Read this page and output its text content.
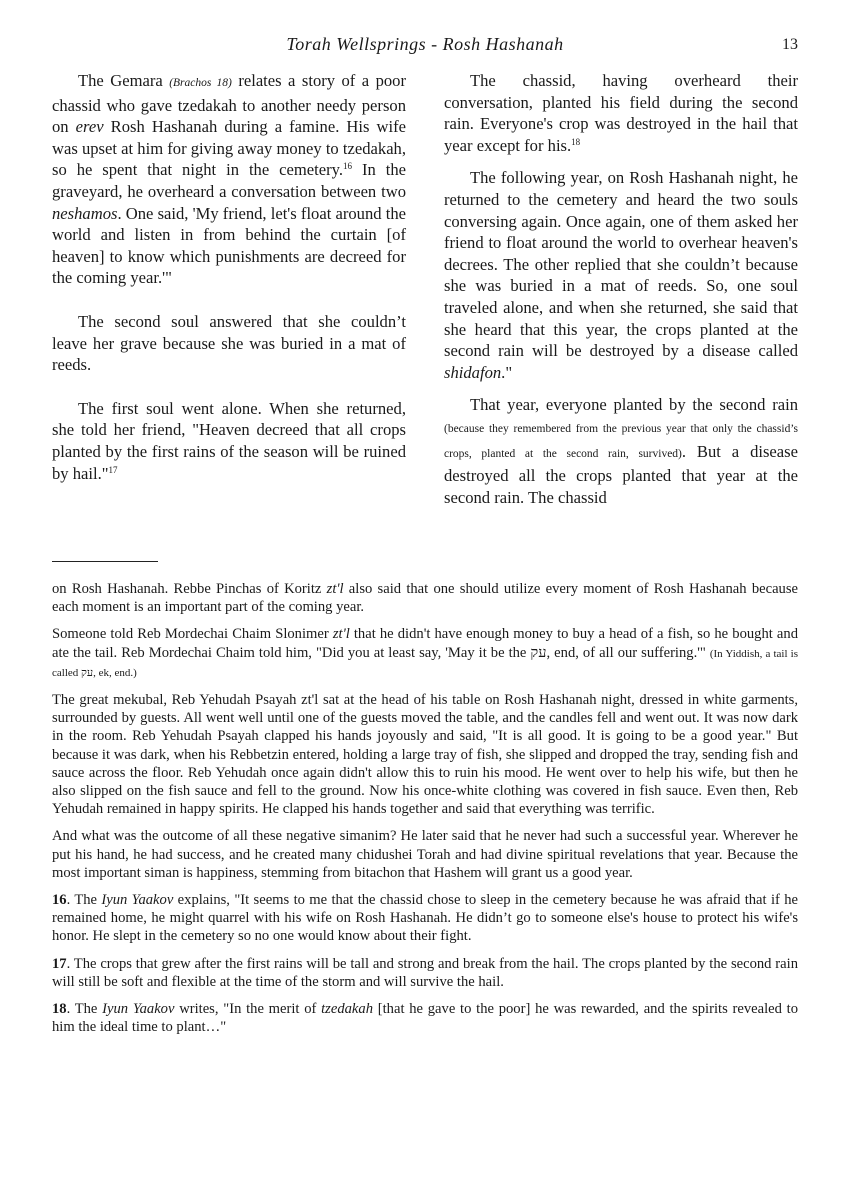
Torah Wellsprings - Rosh Hashanah	13

The Gemara (Brachos 18) relates a story of a poor chassid who gave tzedakah to another needy person on erev Rosh Hashanah during a famine. His wife was upset at him for giving away money to tzedakah, so he spent that night in the cemetery.$^{16}$ In the graveyard, he overheard a conversation between two neshamos. One said, 'My friend, let's float around the world and listen in from behind the curtain [of heaven] to know which punishments are decreed for the coming year.'"

The second soul answered that she couldn’t leave her grave because she was buried in a mat of reeds.

The first soul went alone. When she returned, she told her friend, "Heaven decreed that all crops planted by the first rains of the season will be ruined by hail."$^{17}$

The chassid, having overheard their conversation, planted his field during the second rain. Everyone's crop was destroyed in the hail that year except for his.$^{18}$

The following year, on Rosh Hashanah night, he returned to the cemetery and heard the two souls conversing again. Once again, one of them asked her friend to float around the world to overhear heaven's decrees. The other replied that she couldn’t because she was buried in a mat of reeds. So, one soul traveled alone, and when she returned, she said that she heard that this year, the crops planted at the second rain will be destroyed by a disease called shidafon."

That year, everyone planted by the second rain (because they remembered from the previous year that only the chassid’s crops, planted at the second rain, survived). But a disease destroyed all the crops planted that year at the second rain. The chassid

on Rosh Hashanah. Rebbe Pinchas of Koritz zt'l also said that one should utilize every moment of Rosh Hashanah because each moment is an important part of the coming year.

Someone told Reb Mordechai Chaim Slonimer zt'l that he didn't have enough money to buy a head of a fish, so he bought and ate the tail. Reb Mordechai Chaim told him, "Did you at least say, 'May it be the עק, end, of all our suffering.'" (In Yiddish, a tail is called עק, ek, end.)

The great mekubal, Reb Yehudah Psayah zt'l sat at the head of his table on Rosh Hashanah night, dressed in white garments, surrounded by guests. All went well until one of the guests moved the table, and the candles fell and went out. It was now dark in the room. Reb Yehudah Psayah clapped his hands joyously and said, "It is all good. It is going to be a good year." But because it was dark, when his Rebbetzin entered, holding a large tray of fish, she slipped and dropped the tray, sending fish and sauce across the floor. Reb Yehudah once again didn't allow this to ruin his mood. He went over to help his wife, but then he also slipped on the fish sauce and fell to the ground. Now his once-white clothing was covered in fish sauce. Even then, Reb Yehudah remained in happy spirits. He clapped his hands together and said that everything was terrific.

And what was the outcome of all these negative simanim? He later said that he never had such a successful year. Wherever he put his hand, he had success, and he created many chidushei Torah and had divine spiritual revelations that year. Because the most important siman is happiness, stemming from bitachon that Hashem will grant us a good year.

16. The Iyun Yaakov explains, "It seems to me that the chassid chose to sleep in the cemetery because he was afraid that if he remained home, he might quarrel with his wife on Rosh Hashanah. He didn’t go to someone else's house to protect his wife's honor. He slept in the cemetery so no one would know about their fight.

17. The crops that grew after the first rains will be tall and strong and break from the hail. The crops planted by the second rain will still be soft and flexible at the time of the storm and will survive the hail.

18. The Iyun Yaakov writes, "In the merit of tzedakah [that he gave to the poor] he was rewarded, and the spirits revealed to him the ideal time to plant…"
